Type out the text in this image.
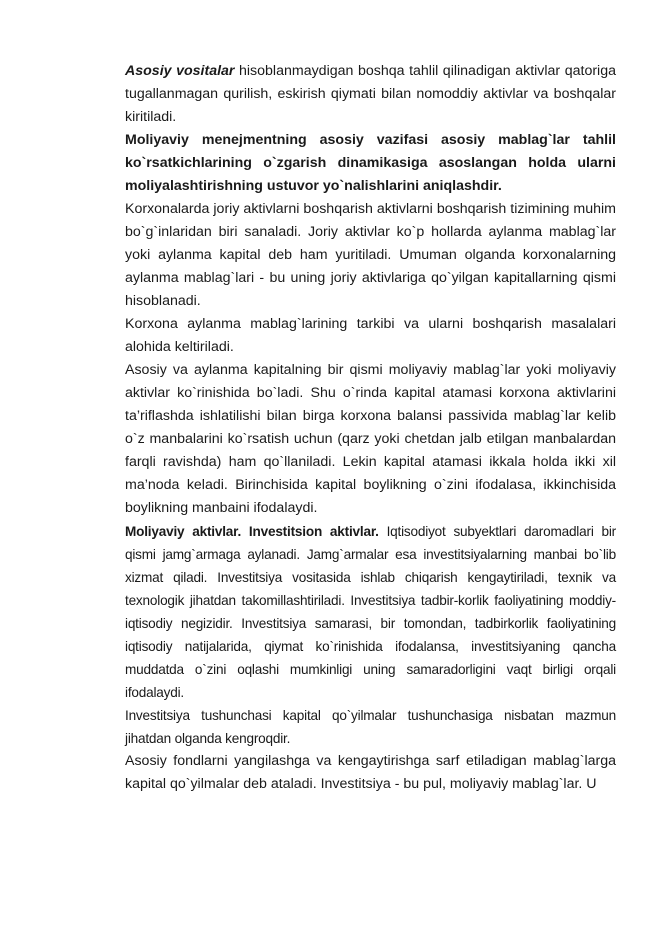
Asosiy vositalar hisoblanmaydigan boshqa tahlil qilinadigan aktivlar qatoriga tugallanmagan qurilish, eskirish qiymati bilan nomoddiy aktivlar va boshqalar kiritiladi.

Moliyaviy menejmentning asosiy vazifasi asosiy mablag`lar tahlil ko`rsatkichlarining o`zgarish dinamikasiga asoslangan holda ularni moliyalashtirishning ustuvor yo`nalishlarini aniqlashdir.

Korxonalarda joriy aktivlarni boshqarish aktivlarni boshqarish tizimining muhim bo`g`inlaridan biri sanaladi. Joriy aktivlar ko`p hollarda aylanma mablag`lar yoki aylanma kapital deb ham yuritiladi. Umuman olganda korxonalarning aylanma mablag`lari - bu uning joriy aktivlariga qo`yilgan kapitallarning qismi hisoblanadi.

Korxona aylanma mablag`larining tarkibi va ularni boshqarish masalalari alohida keltiriladi.

Asosiy va aylanma kapitalning bir qismi moliyaviy mablag`lar yoki moliyaviy aktivlar ko`rinishida bo`ladi. Shu o`rinda kapital atamasi korxona aktivlarini ta’riflashda ishlatilishi bilan birga korxona balansi passivida mablag`lar kelib o`z manbalarini ko`rsatish uchun (qarz yoki chetdan jalb etilgan manbalardan farqli ravishda) ham qo`llaniladi. Lekin kapital atamasi ikkala holda ikki xil ma’noda keladi. Birinchisida kapital boylikning o`zini ifodalasa, ikkinchisida boylikning manbaini ifodalaydi.

Moliyaviy aktivlar. Investitsion aktivlar. Iqtisodiyot subyektlari daromadlari bir qismi jamg`armaga aylanadi. Jamg`armalar esa investitsiyalarning manbai bo`lib xizmat qiladi. Investitsiya vositasida ishlab chiqarish kengaytiriladi, texnik va texnologik jihatdan takomillashtiriladi. Investitsiya tadbir-korlik faoliyatining moddiy-iqtisodiy negizidir. Investitsiya samarasi, bir tomondan, tadbirkorlik faoliyatining iqtisodiy natijalarida, qiymat ko`rinishida ifodalansa, investitsiyaning qancha muddatda o`zini oqlashi mumkinligi uning samaradorligini vaqt birligi orqali ifodalaydi.

Investitsiya tushunchasi kapital qo`yilmalar tushunchasiga nisbatan mazmun jihatdan olganda kengroqdir.

Asosiy fondlarni yangilashga va kengaytirishga sarf etiladigan mablag`larga kapital qo`yilmalar deb ataladi. Investitsiya - bu pul, moliyaviy mablag`lar. U
